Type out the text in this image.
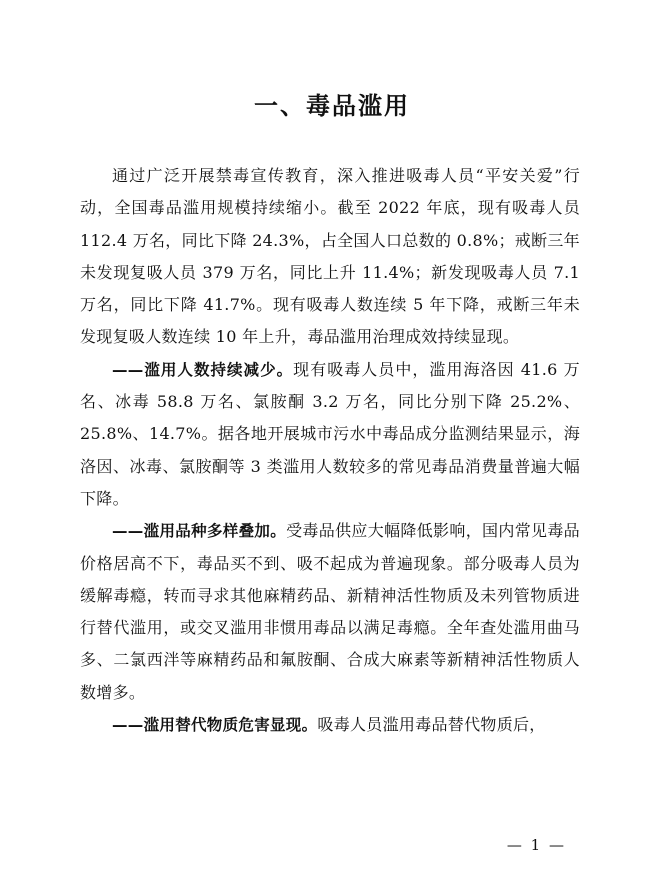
一、毒品滥用

通过广泛开展禁毒宣传教育，深入推进吸毒人员“平安关爱”行动，全国毒品滥用规模持续缩小。截至 2022 年底，现有吸毒人员 112.4 万名，同比下降 24.3%，占全国人口总数的 0.8%；戒断三年未发现复吸人员 379 万名，同比上升 11.4%；新发现吸毒人员 7.1 万名，同比下降 41.7%。现有吸毒人数连续 5 年下降，戒断三年未发现复吸人数连续 10 年上升，毒品滥用治理成效持续显现。

——滥用人数持续减少。现有吸毒人员中，滥用海洛因 41.6 万名、冰毒 58.8 万名、氯胺酮 3.2 万名，同比分别下降 25.2%、25.8%、14.7%。据各地开展城市污水中毒品成分监测结果显示，海洛因、冰毒、氯胺酮等 3 类滥用人数较多的常见毒品消费量普遍大幅下降。

——滥用品种多样叠加。受毒品供应大幅降低影响，国内常见毒品价格居高不下，毒品买不到、吸不起成为普遍现象。部分吸毒人员为缓解毒瘾，转而寻求其他麻精药品、新精神活性物质及未列管物质进行替代滥用，或交叉滥用非惯用毒品以满足毒瘾。全年查处滥用曲马多、二氯西泮等麻精药品和氟胺酮、合成大麻素等新精神活性物质人数增多。

——滥用替代物质危害显现。吸毒人员滥用毒品替代物质后，

— 1 —
